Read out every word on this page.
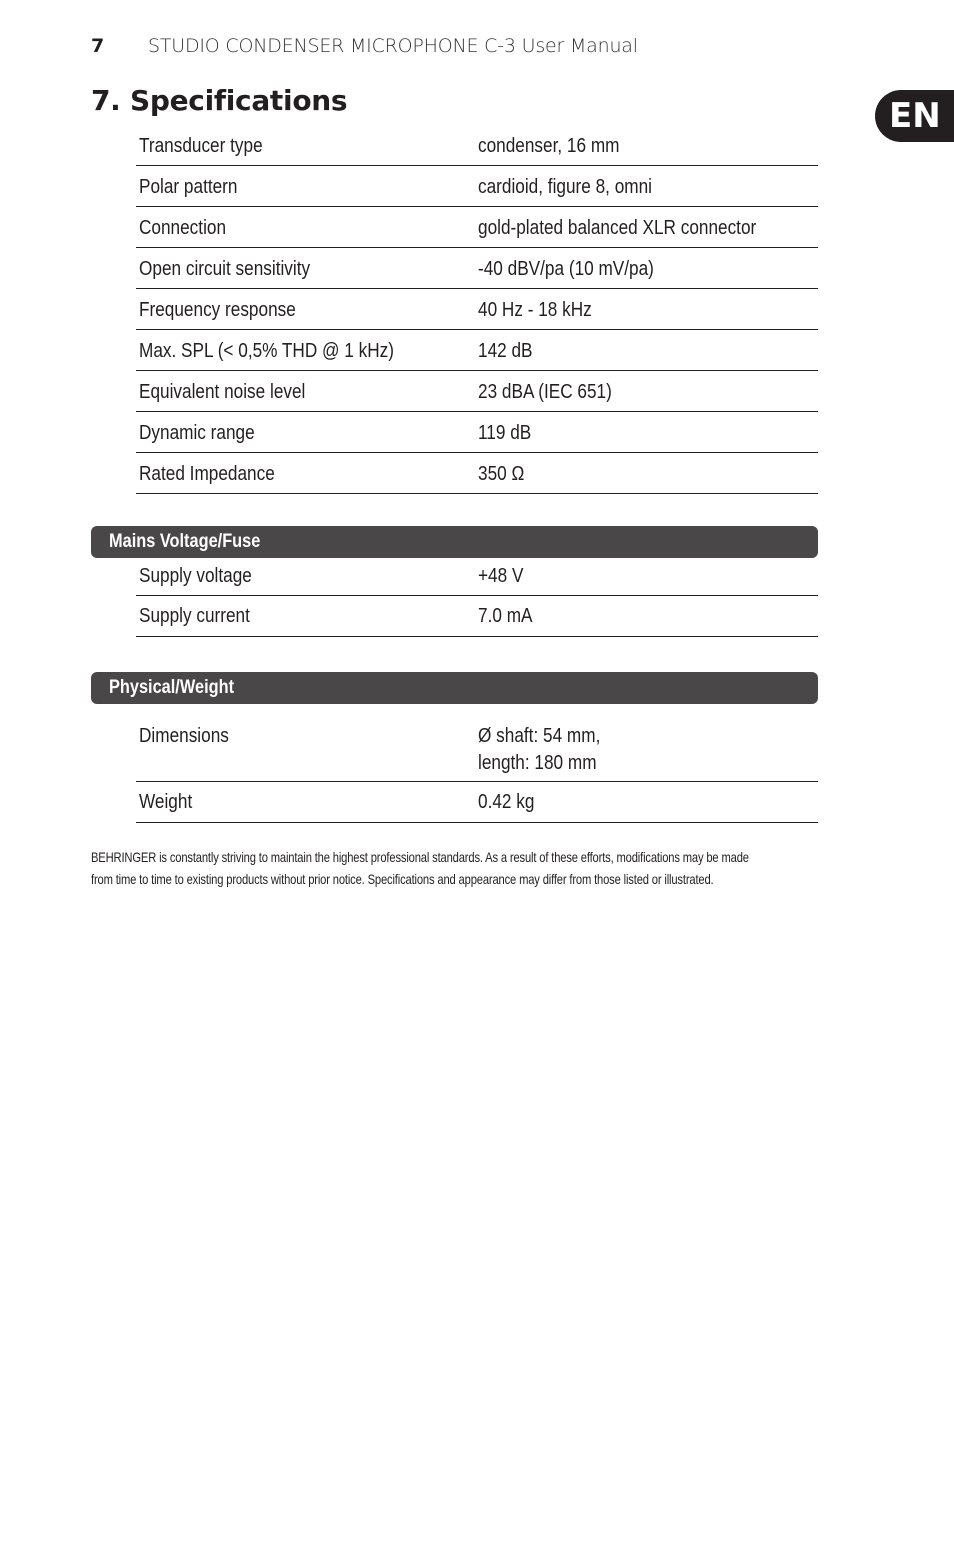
7	STUDIO CONDENSER MICROPHONE C-3 User Manual
EN
7. Specifications
Transducer type	condenser, 16 mm
Polar pattern	cardioid, figure 8, omni
Connection	gold-plated balanced XLR connector
Open circuit sensitivity	-40 dBV/pa (10 mV/pa)
Frequency response	40 Hz - 18 kHz
Max. SPL (< 0,5% THD @ 1 kHz)	142 dB
Equivalent noise level	23 dBA (IEC 651)
Dynamic range	119 dB
Rated Impedance	350 Ω
Mains Voltage/Fuse
Supply voltage	+48 V
Supply current	7.0 mA
Physical/Weight
Dimensions	Ø shaft: 54 mm,
length: 180 mm
Weight	0.42 kg
BEHRINGER is constantly striving to maintain the highest professional standards. As a result of these efforts, modifications may be made
from time to time to existing products without prior notice. Specifications and appearance may differ from those listed or illustrated.
